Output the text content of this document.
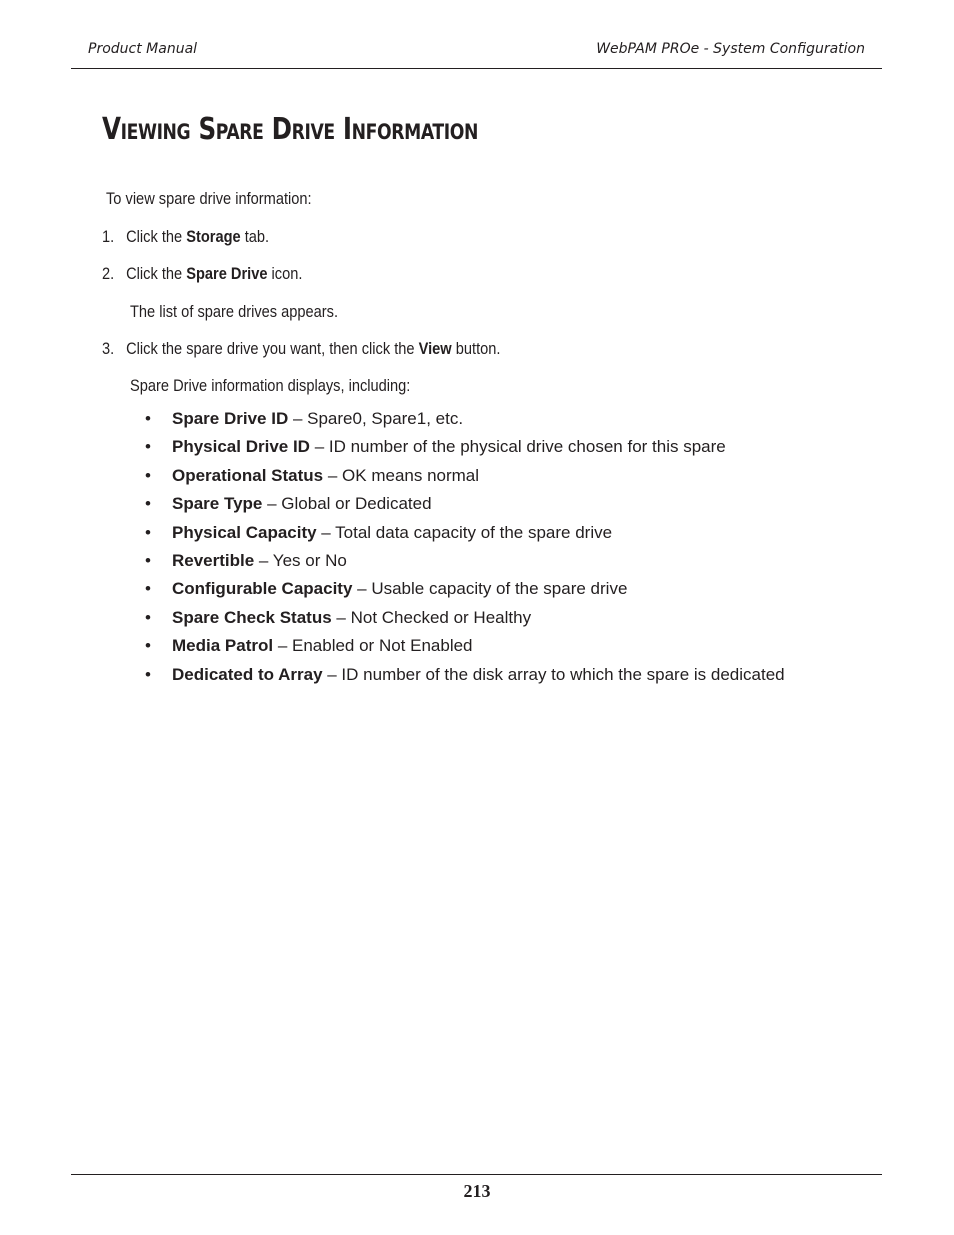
Product Manual	WebPAM PROe - System Configuration
Viewing Spare Drive Information
To view spare drive information:
1. Click the Storage tab.
2. Click the Spare Drive icon.
The list of spare drives appears.
3. Click the spare drive you want, then click the View button.
Spare Drive information displays, including:
• Spare Drive ID – Spare0, Spare1, etc.
• Physical Drive ID – ID number of the physical drive chosen for this spare
• Operational Status – OK means normal
• Spare Type – Global or Dedicated
• Physical Capacity – Total data capacity of the spare drive
• Revertible – Yes or No
• Configurable Capacity – Usable capacity of the spare drive
• Spare Check Status – Not Checked or Healthy
• Media Patrol – Enabled or Not Enabled
• Dedicated to Array – ID number of the disk array to which the spare is dedicated
213
